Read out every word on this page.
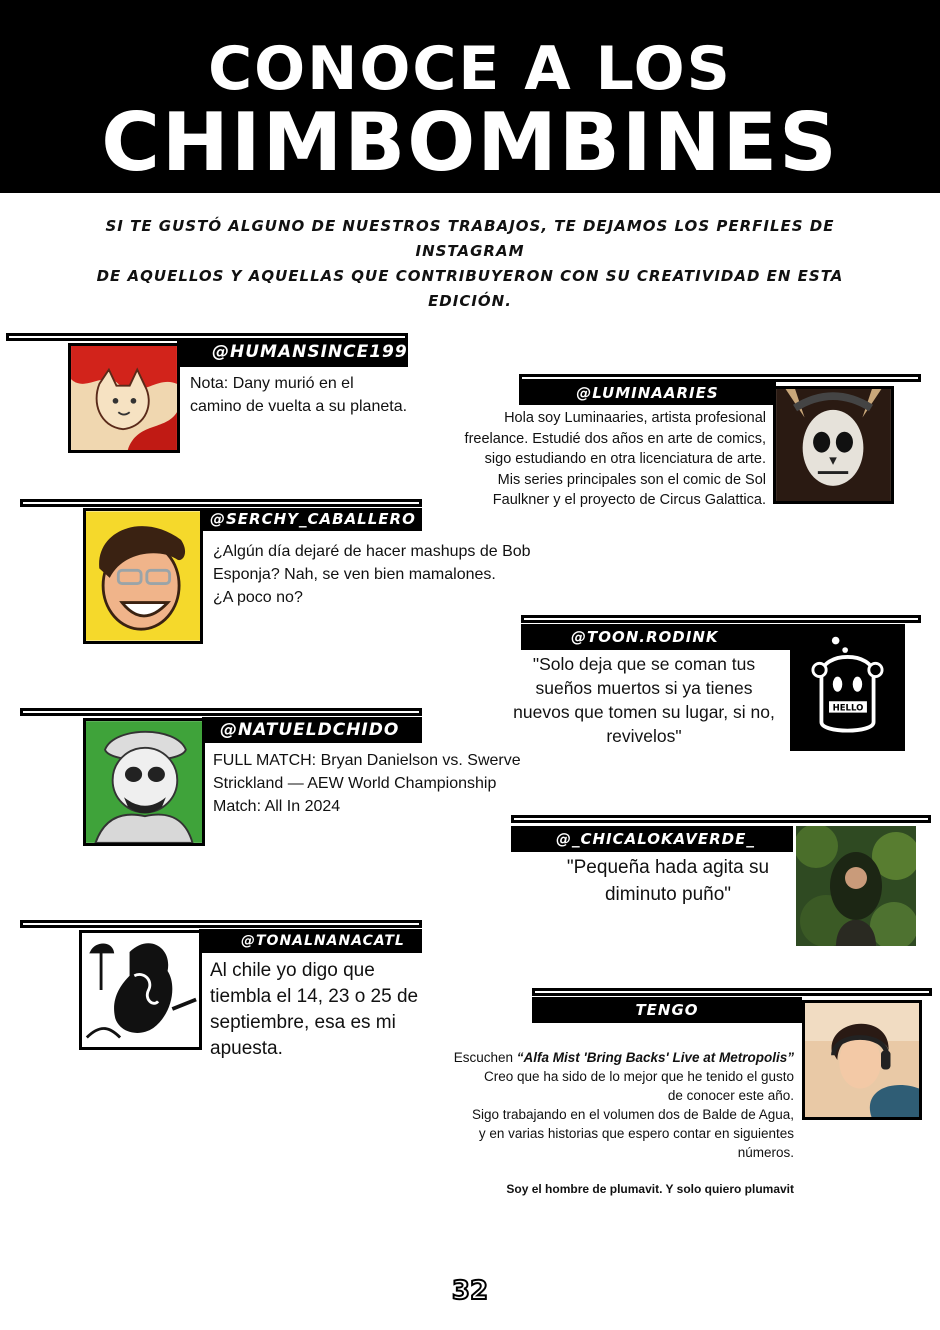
CONOCE A LOS
CHIMBOMBINES
SI TE GUSTÓ ALGUNO DE NUESTROS TRABAJOS, TE DEJAMOS LOS PERFILES DE INSTAGRAM
DE AQUELLOS Y AQUELLAS QUE CONTRIBUYERON CON SU CREATIVIDAD EN ESTA EDICIÓN.
@HUMANSINCE1999
Nota: Dany murió en el
camino de vuelta a su planeta.
@LUMINAARIES
Hola soy Luminaaries, artista profesional
freelance. Estudié dos años en arte de comics,
sigo estudiando en otra licenciatura de arte.
Mis series principales son el comic de Sol
Faulkner y el proyecto de Circus Galattica.
@SERCHY_CABALLERO
¿Algún día dejaré de hacer mashups de Bob
Esponja? Nah, se ven bien mamalones.
¿A poco no?
@TOON.RODINK
HELLO
"Solo deja que se coman tus
sueños muertos si ya tienes
nuevos que tomen su lugar, si no,
revivelos"
@NATUELDCHIDO
FULL MATCH: Bryan Danielson vs. Swerve
Strickland — AEW World Championship
Match: All In 2024
@_CHICALOKAVERDE_
"Pequeña hada agita su
diminuto puño"
@TONALNANACATL
Al chile yo digo que
tiembla el 14, 23 o 25 de
septiembre, esa es mi
apuesta.
TENGO
Escuchen “Alfa Mist 'Bring Backs' Live at Metropolis”
Creo que ha sido de lo mejor que he tenido el gusto
de conocer este año.
Sigo trabajando en el volumen dos de Balde de Agua,
y en varias historias que espero contar en siguientes
números.
Soy el hombre de plumavit. Y solo quiero plumavit
32
